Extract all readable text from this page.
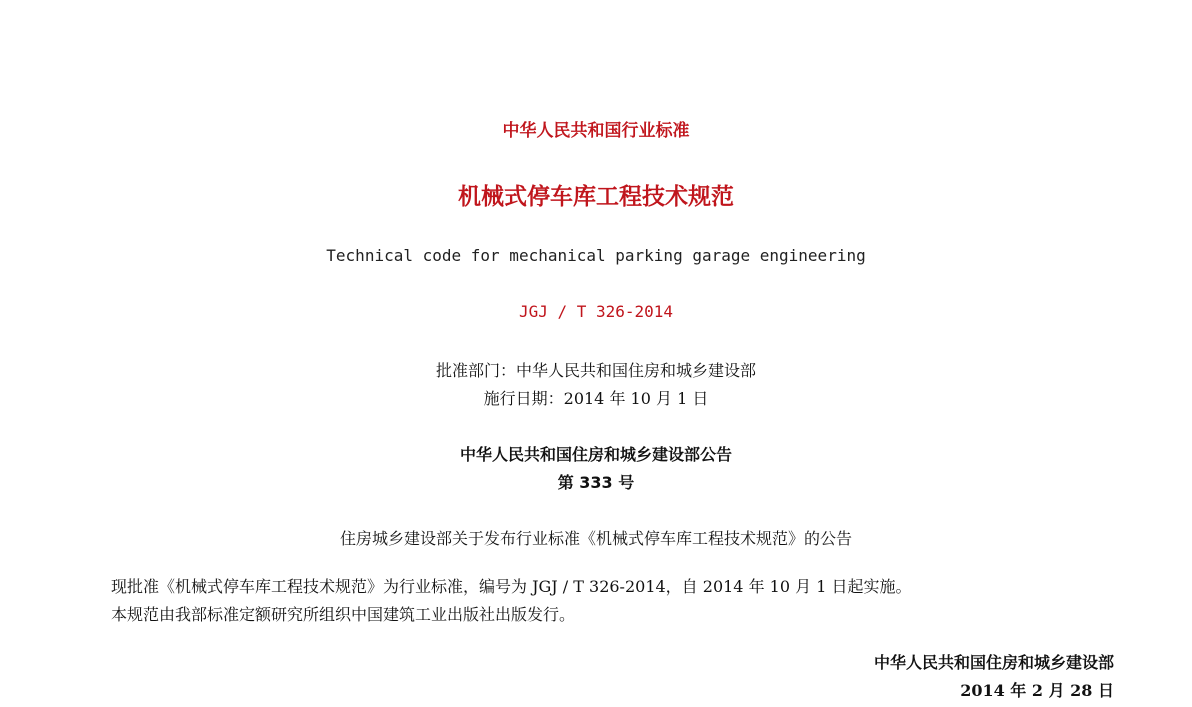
中华人民共和国行业标准
机械式停车库工程技术规范
Technical code for mechanical parking garage engineering
JGJ / T 326-2014
批准部门：中华人民共和国住房和城乡建设部
施行日期：2014 年 10 月 1 日
中华人民共和国住房和城乡建设部公告
第 333 号
住房城乡建设部关于发布行业标准《机械式停车库工程技术规范》的公告
现批准《机械式停车库工程技术规范》为行业标准，编号为 JGJ / T 326-2014，自 2014 年 10 月 1 日起实施。
本规范由我部标准定额研究所组织中国建筑工业出版社出版发行。
中华人民共和国住房和城乡建设部
2014 年 2 月 28 日
